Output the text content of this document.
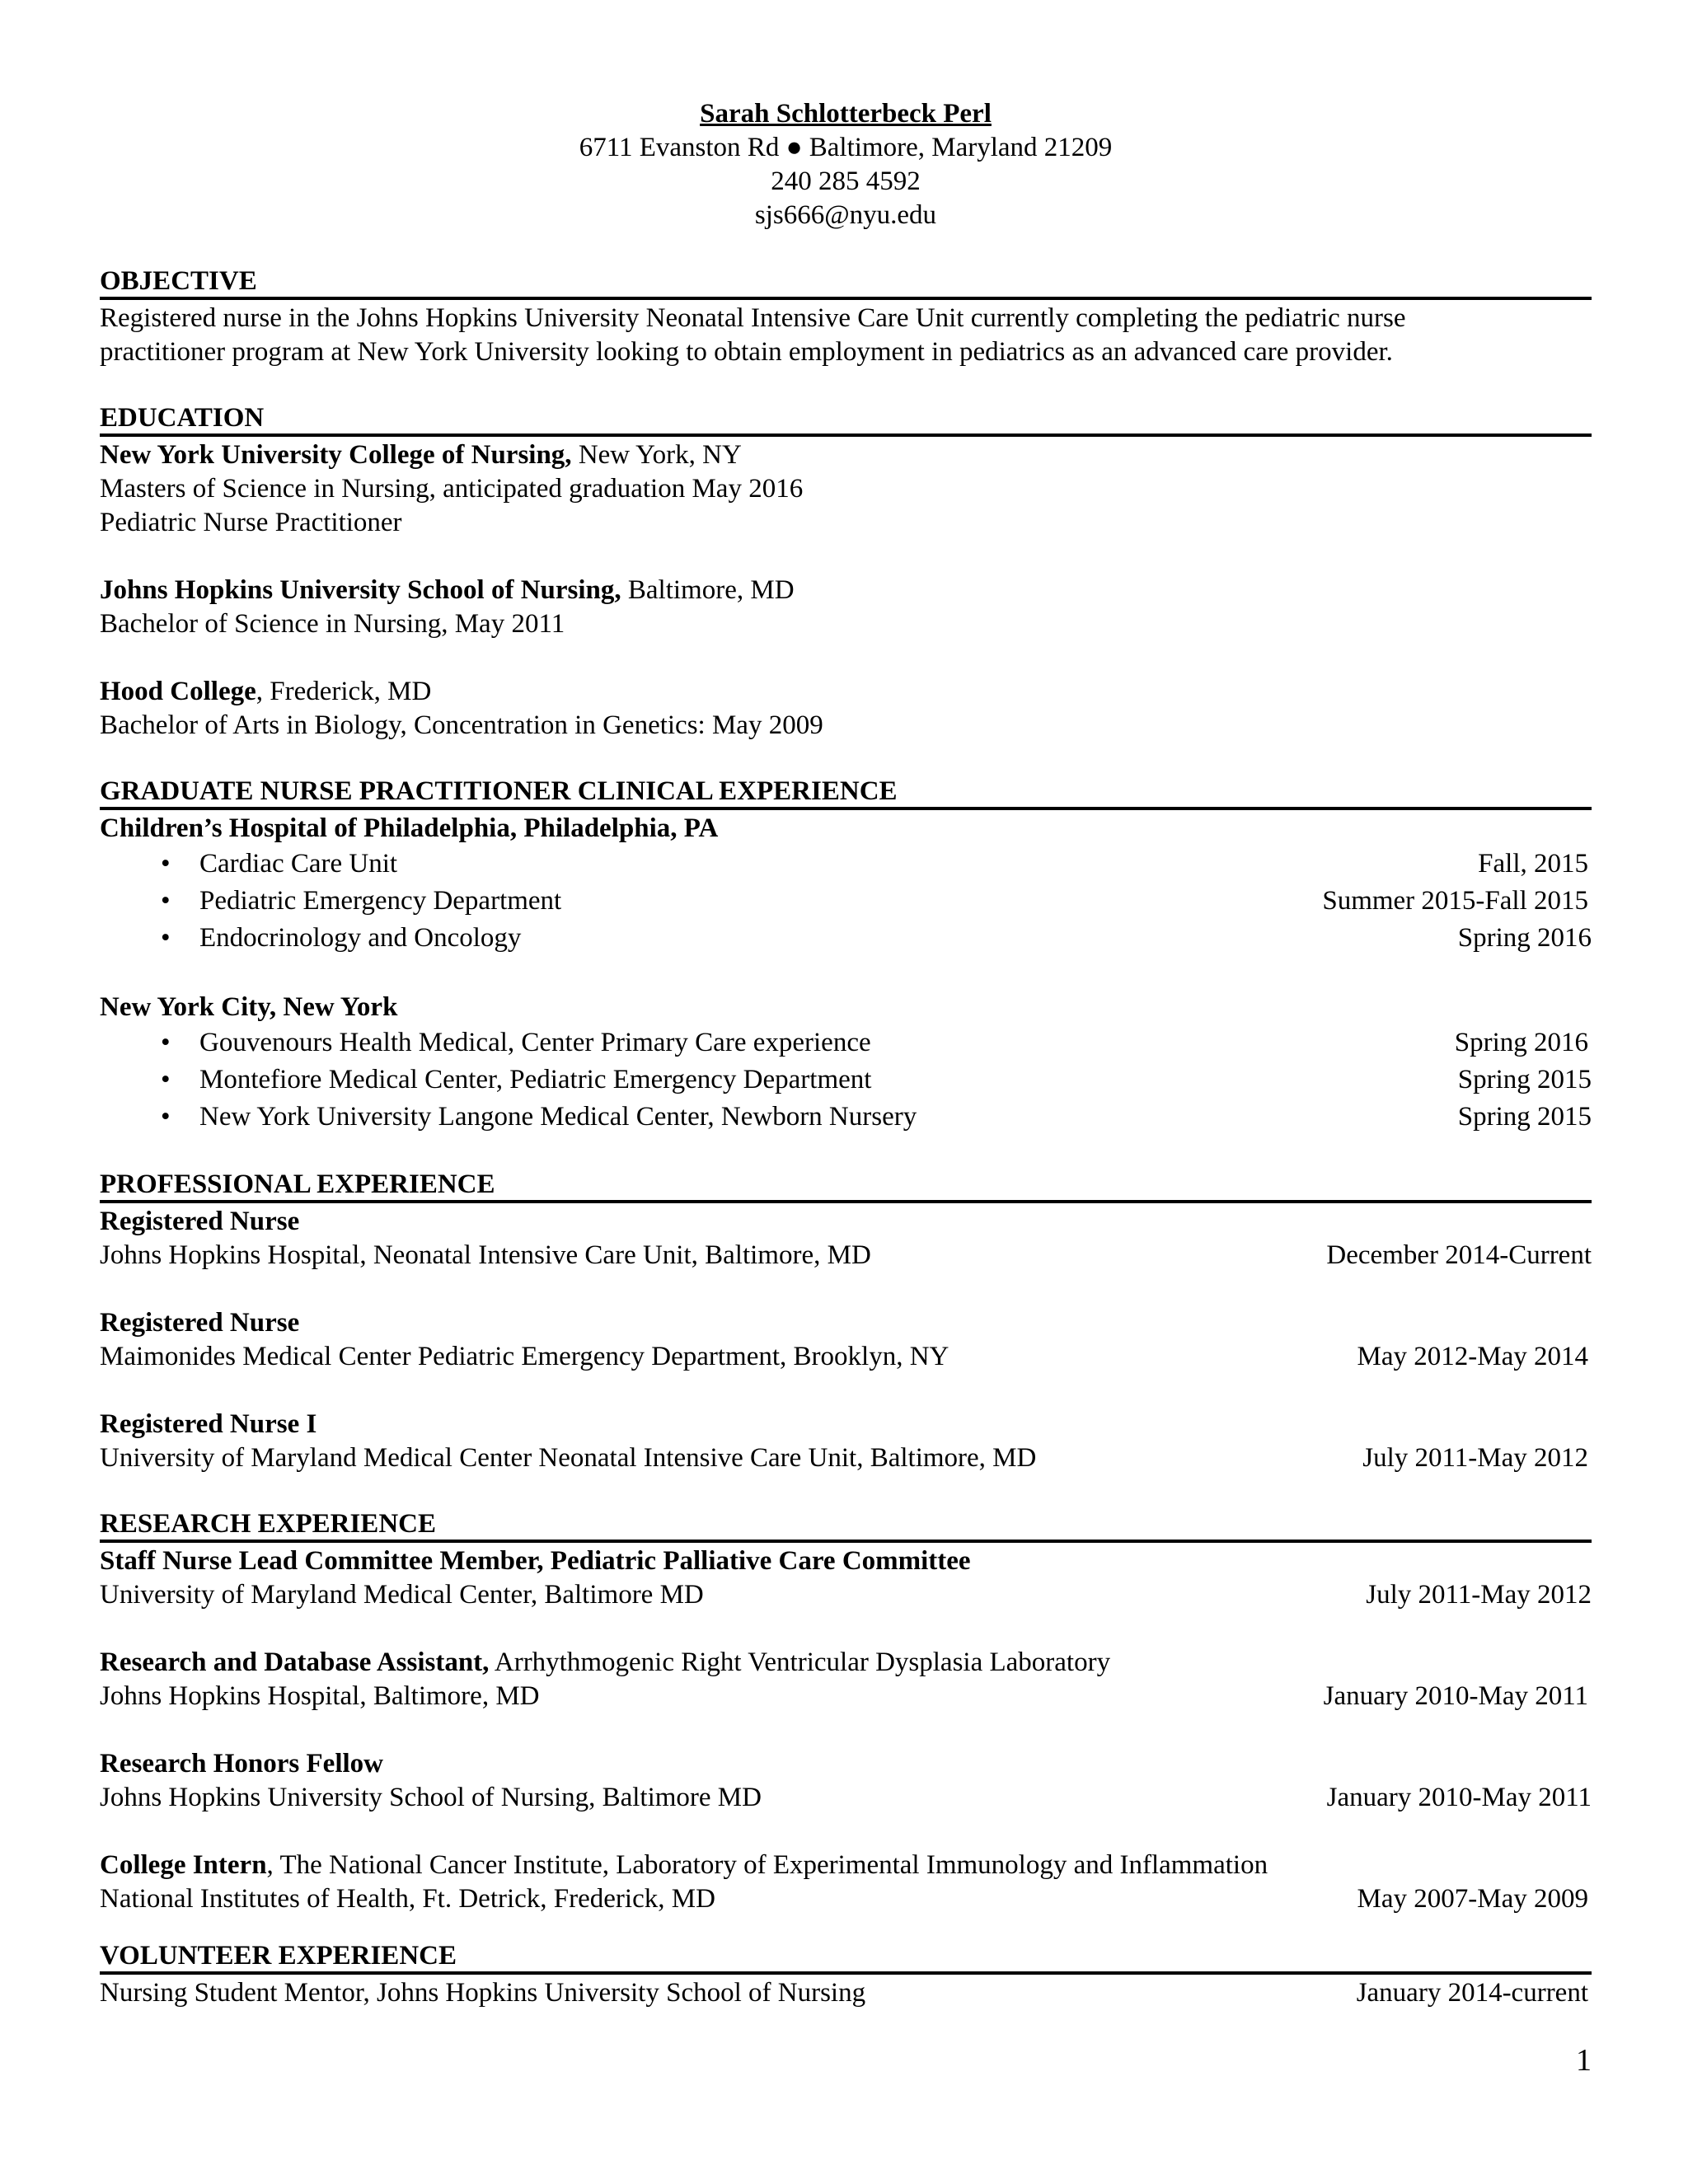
Sarah Schlotterbeck Perl
6711 Evanston Rd ● Baltimore, Maryland 21209
240 285 4592
sjs666@nyu.edu
OBJECTIVE
Registered nurse in the Johns Hopkins University Neonatal Intensive Care Unit currently completing the pediatric nurse
practitioner program at New York University looking to obtain employment in pediatrics as an advanced care provider.
EDUCATION
New York University College of Nursing, New York, NY
Masters of Science in Nursing, anticipated graduation May 2016
Pediatric Nurse Practitioner
Johns Hopkins University School of Nursing, Baltimore, MD
Bachelor of Science in Nursing, May 2011
Hood College, Frederick, MD
Bachelor of Arts in Biology, Concentration in Genetics: May 2009
GRADUATE NURSE PRACTITIONER CLINICAL EXPERIENCE
Children’s Hospital of Philadelphia, Philadelphia, PA
•	Cardiac Care Unit	Fall, 2015
•	Pediatric Emergency Department	Summer 2015-Fall 2015
•	Endocrinology and Oncology	Spring 2016
New York City, New York
•	Gouvenours Health Medical, Center Primary Care experience	Spring 2016
•	Montefiore Medical Center, Pediatric Emergency Department	Spring 2015
•	New York University Langone Medical Center, Newborn Nursery	Spring 2015
PROFESSIONAL EXPERIENCE
Registered Nurse
Johns Hopkins Hospital, Neonatal Intensive Care Unit, Baltimore, MD	December 2014-Current
Registered Nurse
Maimonides Medical Center Pediatric Emergency Department, Brooklyn, NY	May 2012-May 2014
Registered Nurse I
University of Maryland Medical Center Neonatal Intensive Care Unit, Baltimore, MD	July 2011-May 2012
RESEARCH EXPERIENCE
Staff Nurse Lead Committee Member, Pediatric Palliative Care Committee
University of Maryland Medical Center, Baltimore MD	July 2011-May 2012
Research and Database Assistant, Arrhythmogenic Right Ventricular Dysplasia Laboratory
Johns Hopkins Hospital, Baltimore, MD	January 2010-May 2011
Research Honors Fellow
Johns Hopkins University School of Nursing, Baltimore MD	January 2010-May 2011
College Intern, The National Cancer Institute, Laboratory of Experimental Immunology and Inflammation
National Institutes of Health, Ft. Detrick, Frederick, MD	May 2007-May 2009
VOLUNTEER EXPERIENCE
Nursing Student Mentor, Johns Hopkins University School of Nursing	January 2014-current
1
